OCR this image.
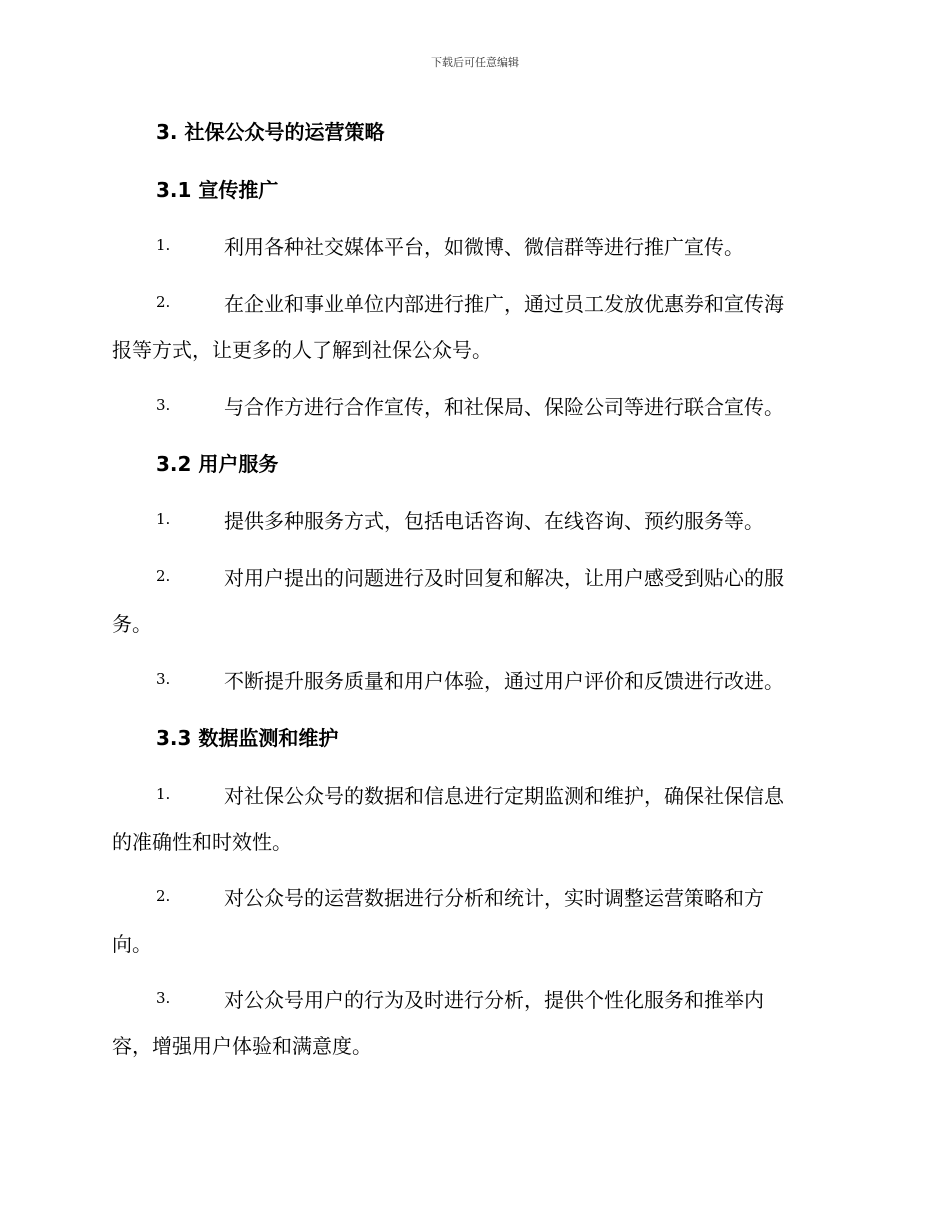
下载后可任意编辑
3. 社保公众号的运营策略
3.1 宣传推广
1.	利用各种社交媒体平台，如微博、微信群等进行推广宣传。
2.	在企业和事业单位内部进行推广，通过员工发放优惠券和宣传海
报等方式，让更多的人了解到社保公众号。
3.	与合作方进行合作宣传，和社保局、保险公司等进行联合宣传。
3.2 用户服务
1.	提供多种服务方式，包括电话咨询、在线咨询、预约服务等。
2.	对用户提出的问题进行及时回复和解决，让用户感受到贴心的服
务。
3.	不断提升服务质量和用户体验，通过用户评价和反馈进行改进。
3.3 数据监测和维护
1.	对社保公众号的数据和信息进行定期监测和维护，确保社保信息
的准确性和时效性。
2.	对公众号的运营数据进行分析和统计，实时调整运营策略和方
向。
3.	对公众号用户的行为及时进行分析，提供个性化服务和推举内
容，增强用户体验和满意度。
